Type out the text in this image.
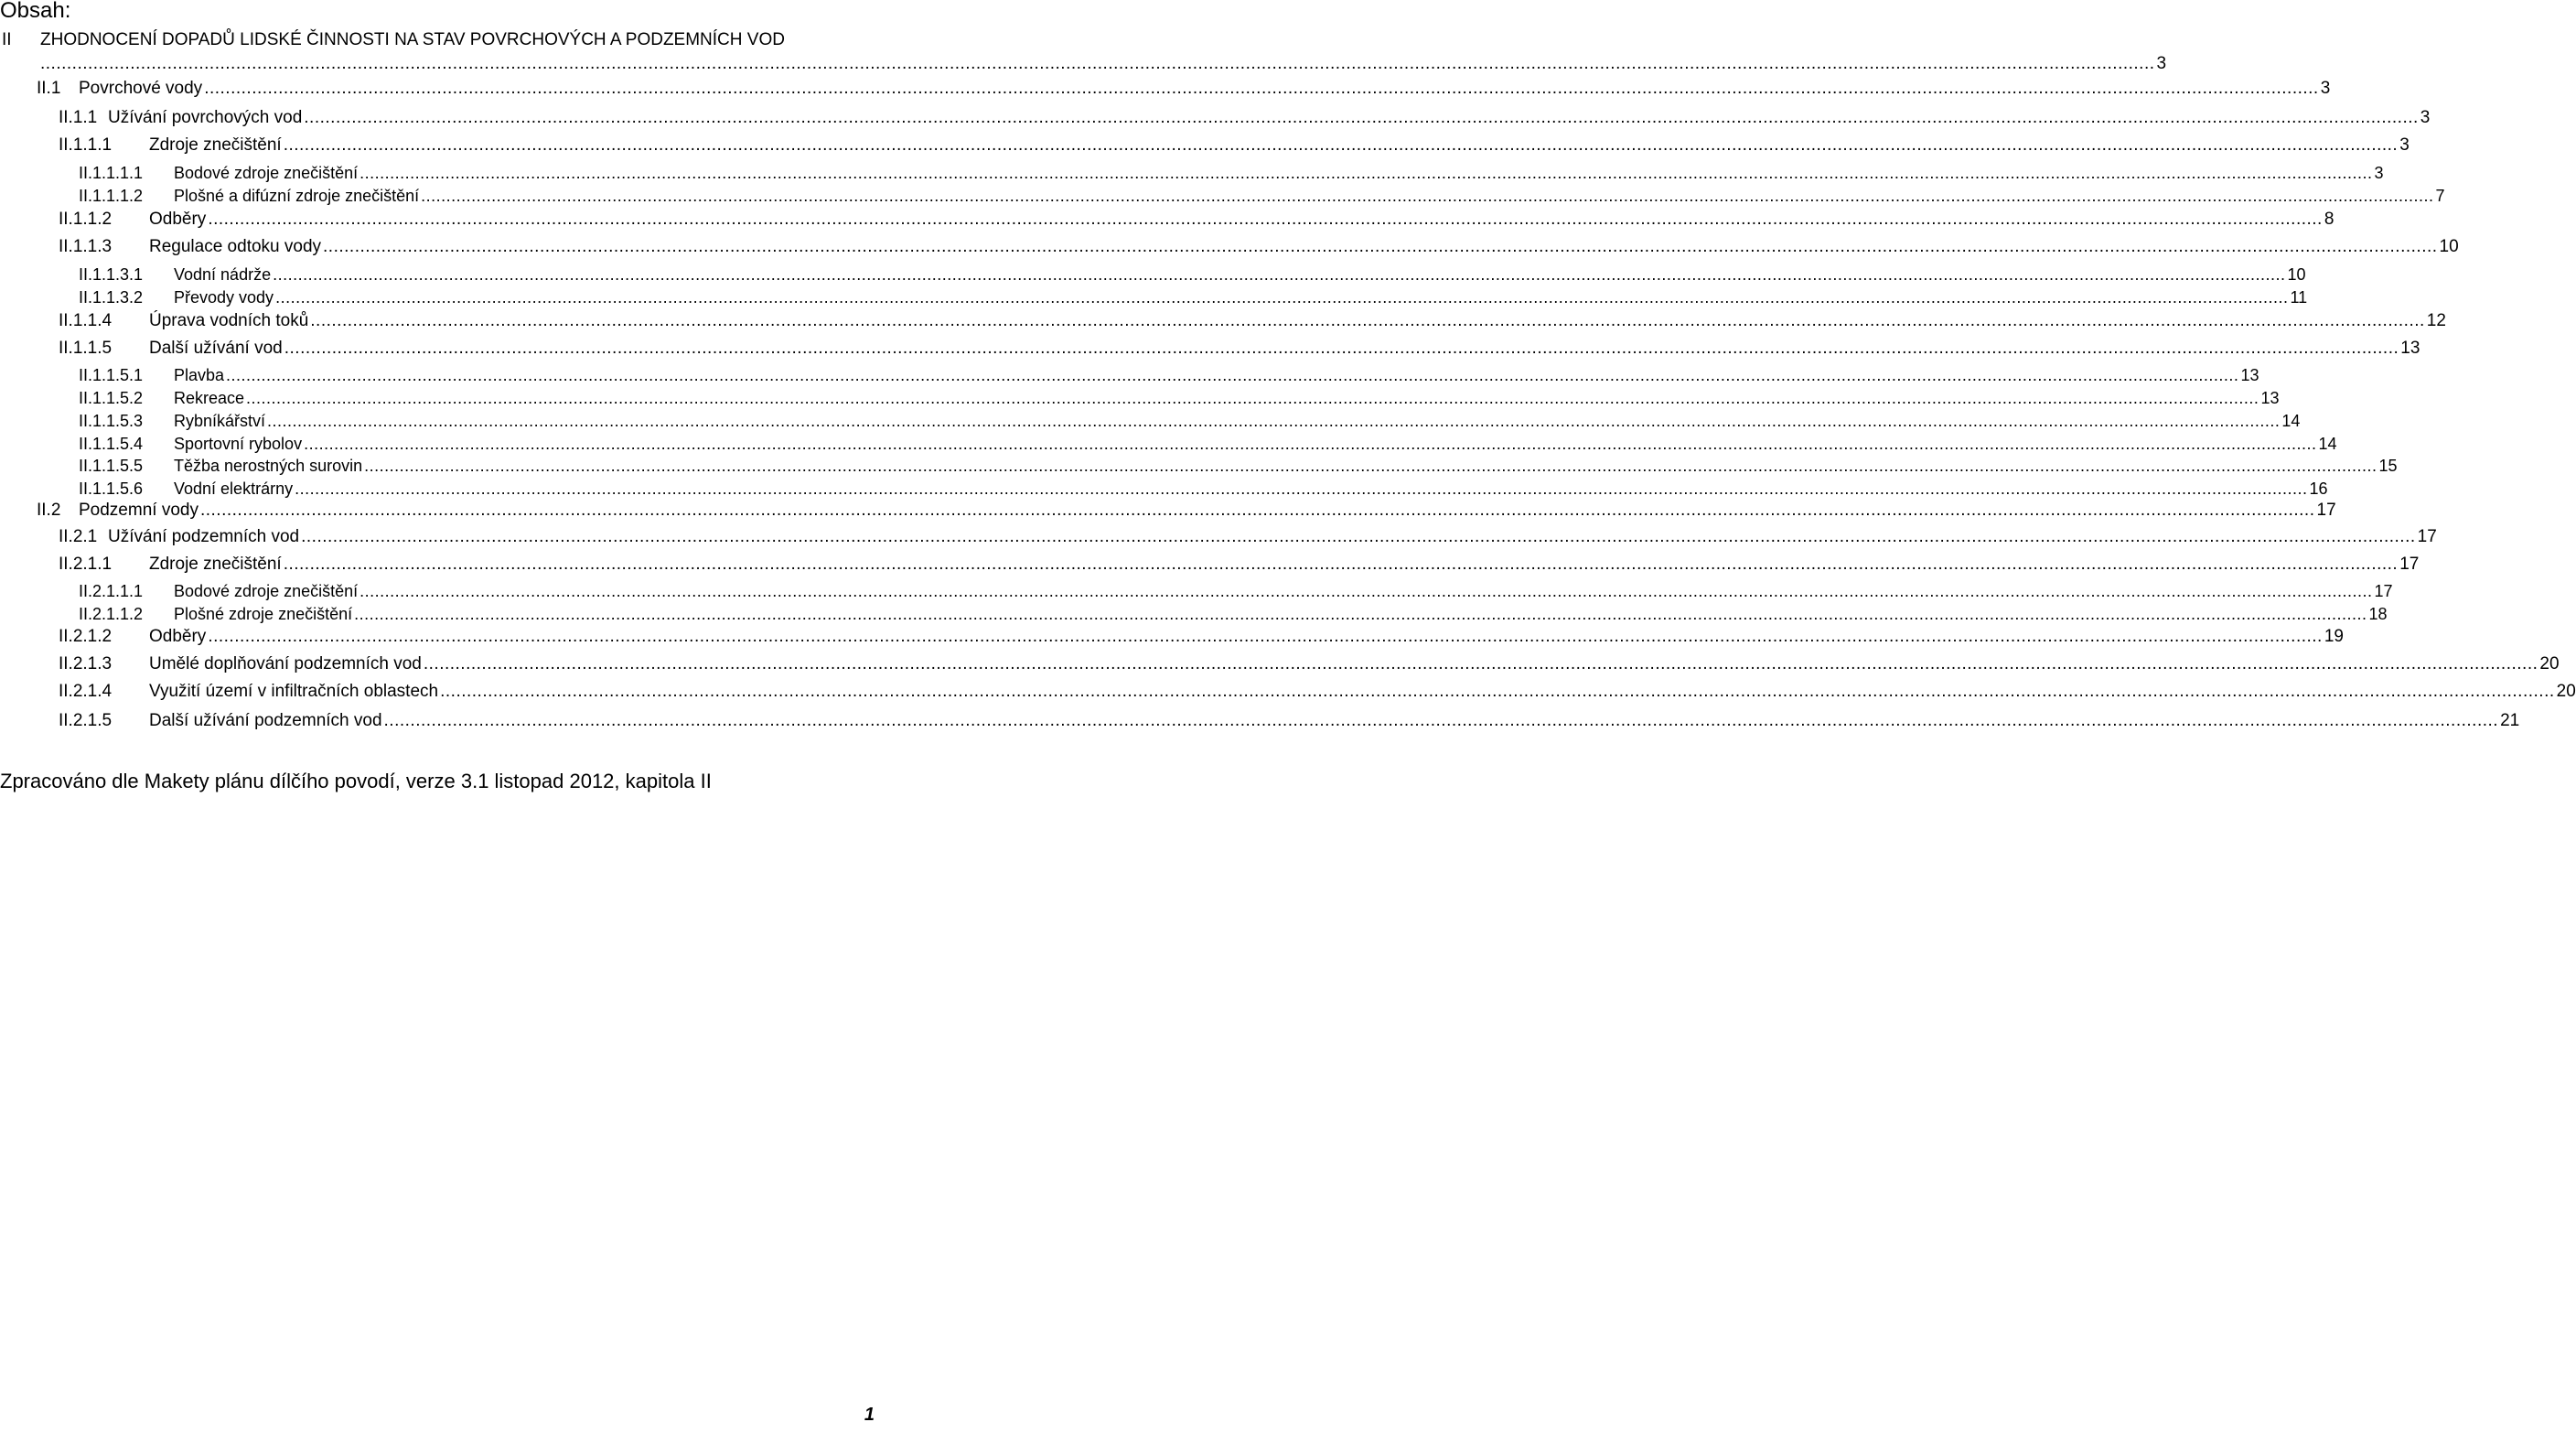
Obsah:
II ZHODNOCENÍ DOPADŮ LIDSKÉ ČINNOSTI NA STAV POVRCHOVÝCH A PODZEMNÍCH VOD
................................................................................................................................................................................................................................................................................................................................................................................................................ 3
II.1 Povrchové vody ................................................................................................................................................................................................................................................................................................................................................................................................................ 3
II.1.1 Užívání povrchových vod ................................................................................................................................................................................................................................................................................................................................................................................................................ 3
II.1.1.1 Zdroje znečištění ................................................................................................................................................................................................................................................................................................................................................................................................................ 3
II.1.1.1.1 Bodové zdroje znečištění ................................................................................................................................................................................................................................................................................................................................................................................................................ 3
II.1.1.1.2 Plošné a difúzní zdroje znečištění ................................................................................................................................................................................................................................................................................................................................................................................................................ 7
II.1.1.2 Odběry ................................................................................................................................................................................................................................................................................................................................................................................................................ 8
II.1.1.3 Regulace odtoku vody ................................................................................................................................................................................................................................................................................................................................................................................................................ 10
II.1.1.3.1 Vodní nádrže ................................................................................................................................................................................................................................................................................................................................................................................................................ 10
II.1.1.3.2 Převody vody ................................................................................................................................................................................................................................................................................................................................................................................................................ 11
II.1.1.4 Úprava vodních toků ................................................................................................................................................................................................................................................................................................................................................................................................................ 12
II.1.1.5 Další užívání vod ................................................................................................................................................................................................................................................................................................................................................................................................................ 13
II.1.1.5.1 Plavba ................................................................................................................................................................................................................................................................................................................................................................................................................ 13
II.1.1.5.2 Rekreace ................................................................................................................................................................................................................................................................................................................................................................................................................ 13
II.1.1.5.3 Rybníkářství ................................................................................................................................................................................................................................................................................................................................................................................................................ 14
II.1.1.5.4 Sportovní rybolov ................................................................................................................................................................................................................................................................................................................................................................................................................ 14
II.1.1.5.5 Těžba nerostných surovin ................................................................................................................................................................................................................................................................................................................................................................................................................ 15
II.1.1.5.6 Vodní elektrárny ................................................................................................................................................................................................................................................................................................................................................................................................................ 16
II.2 Podzemní vody ................................................................................................................................................................................................................................................................................................................................................................................................................ 17
II.2.1 Užívání podzemních vod ................................................................................................................................................................................................................................................................................................................................................................................................................ 17
II.2.1.1 Zdroje znečištění ................................................................................................................................................................................................................................................................................................................................................................................................................ 17
II.2.1.1.1 Bodové zdroje znečištění ................................................................................................................................................................................................................................................................................................................................................................................................................ 17
II.2.1.1.2 Plošné zdroje znečištění ................................................................................................................................................................................................................................................................................................................................................................................................................ 18
II.2.1.2 Odběry ................................................................................................................................................................................................................................................................................................................................................................................................................ 19
II.2.1.3 Umělé doplňování podzemních vod ................................................................................................................................................................................................................................................................................................................................................................................................................ 20
II.2.1.4 Využití území v infiltračních oblastech ................................................................................................................................................................................................................................................................................................................................................................................................................ 20
II.2.1.5 Další užívání podzemních vod ................................................................................................................................................................................................................................................................................................................................................................................................................ 21
Zpracováno dle Makety plánu dílčího povodí, verze 3.1 listopad 2012, kapitola II
1
